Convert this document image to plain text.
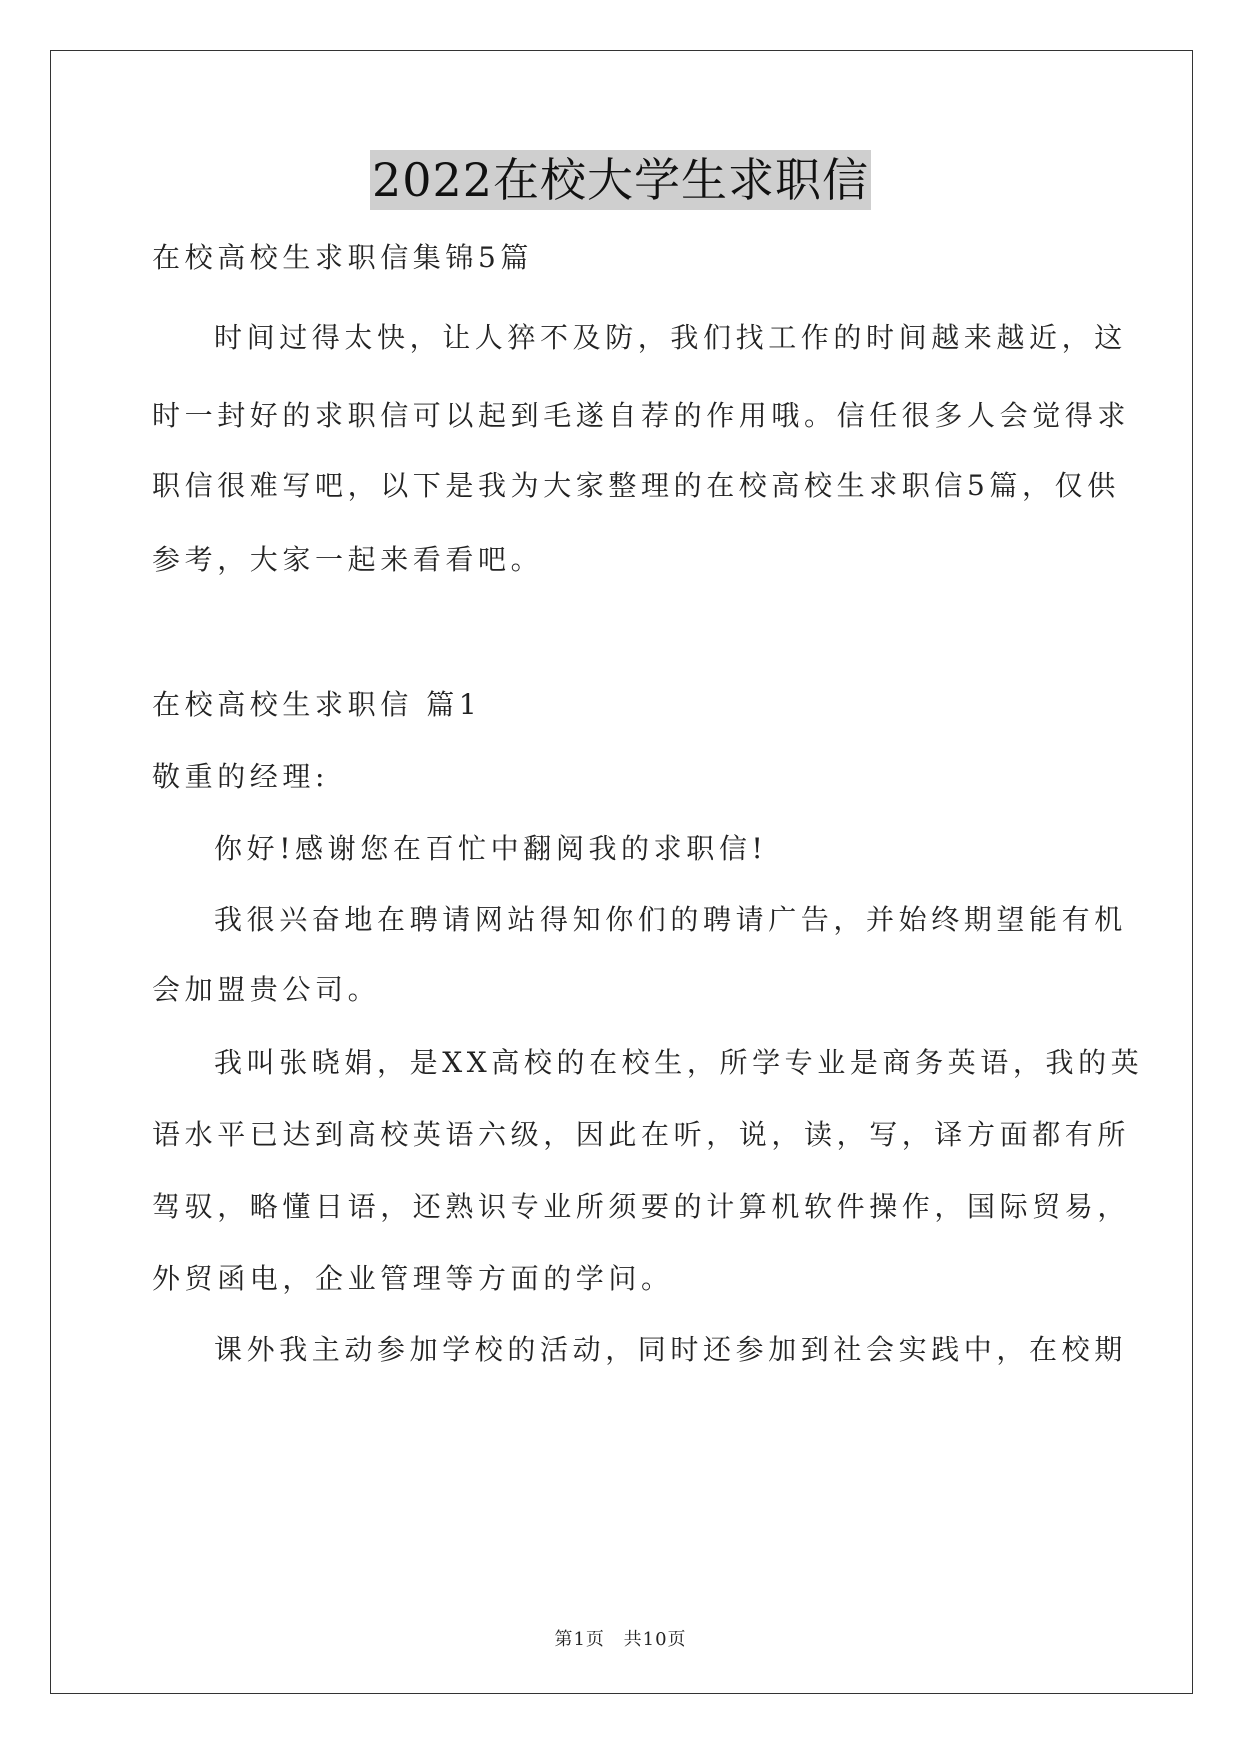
2022在校大学生求职信
在校高校生求职信集锦5篇
时间过得太快，让人猝不及防，我们找工作的时间越来越近，这
时一封好的求职信可以起到毛遂自荐的作用哦。信任很多人会觉得求
职信很难写吧，以下是我为大家整理的在校高校生求职信5篇，仅供
参考，大家一起来看看吧。
在校高校生求职信 篇1
敬重的经理:
你好!感谢您在百忙中翻阅我的求职信!
我很兴奋地在聘请网站得知你们的聘请广告，并始终期望能有机
会加盟贵公司。
我叫张晓娟，是XX高校的在校生，所学专业是商务英语，我的英
语水平已达到高校英语六级，因此在听，说，读，写，译方面都有所
驾驭，略懂日语，还熟识专业所须要的计算机软件操作，国际贸易，
外贸函电，企业管理等方面的学问。
课外我主动参加学校的活动，同时还参加到社会实践中，在校期
第1页 共10页
